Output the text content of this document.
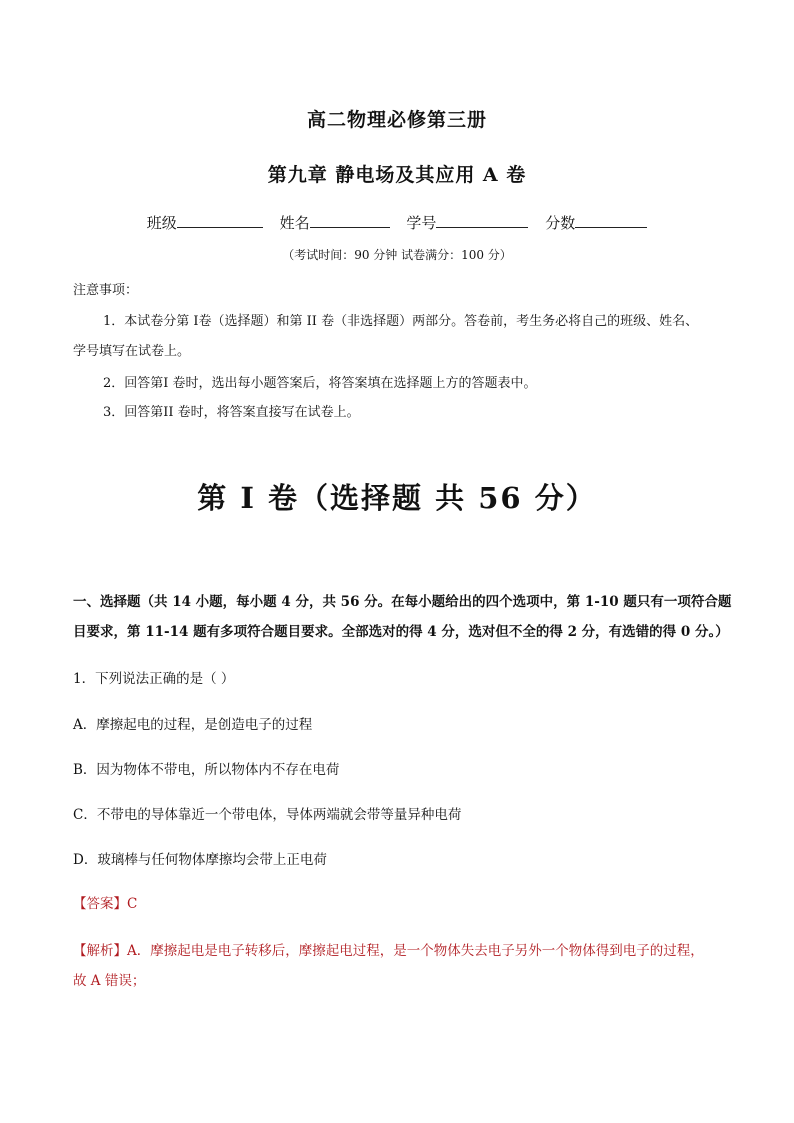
高二物理必修第三册
第九章 静电场及其应用 A 卷
班级	姓名	学号	分数
（考试时间：90 分钟 试卷满分：100 分）
注意事项：
1．本试卷分第 I卷（选择题）和第 II 卷（非选择题）两部分。答卷前，考生务必将自己的班级、姓名、
学号填写在试卷上。
2．回答第I 卷时，选出每小题答案后，将答案填在选择题上方的答题表中。
3．回答第II 卷时，将答案直接写在试卷上。
第 I 卷（选择题 共 56 分）
一、选择题（共 14 小题，每小题 4 分，共 56 分。在每小题给出的四个选项中，第 1-10 题只有一项符合题
目要求，第 11-14 题有多项符合题目要求。全部选对的得 4 分，选对但不全的得 2 分，有选错的得 0 分。）
1．下列说法正确的是（ ）
A．摩擦起电的过程，是创造电子的过程
B．因为物体不带电，所以物体内不存在电荷
C．不带电的导体靠近一个带电体，导体两端就会带等量异种电荷
D．玻璃棒与任何物体摩擦均会带上正电荷
【答案】C
【解析】A．摩擦起电是电子转移后，摩擦起电过程，是一个物体失去电子另外一个物体得到电子的过程，
故 A 错误；
